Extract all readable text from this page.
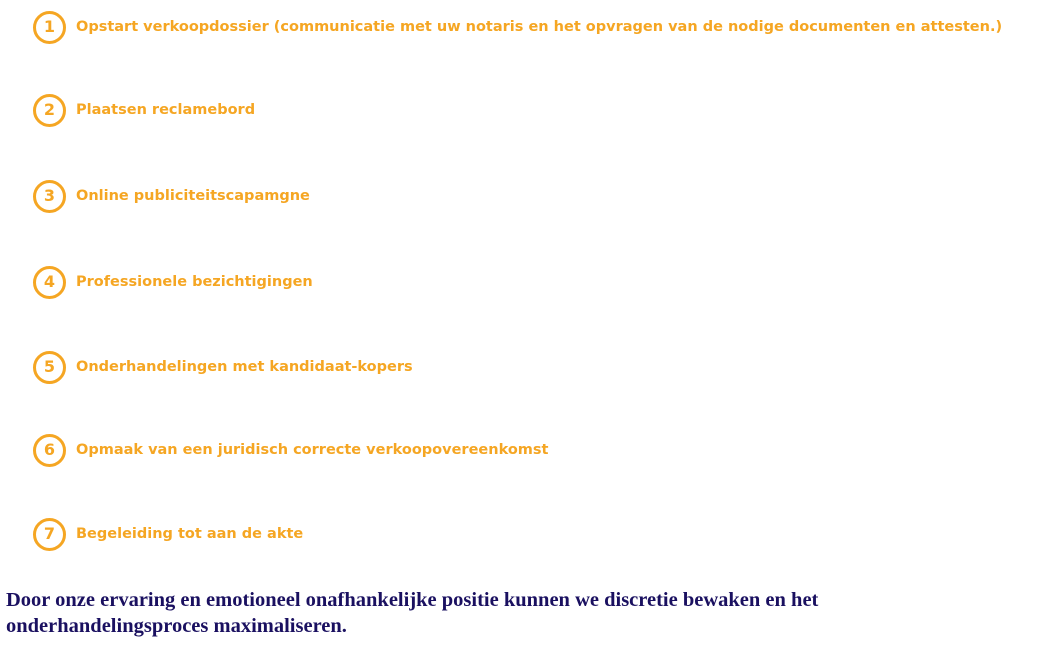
1	Opstart verkoopdossier (communicatie met uw notaris en het opvragen van de nodige documenten en attesten.)
2	Plaatsen reclamebord
3	Online publiciteitscapamgne
4	Professionele bezichtigingen
5	Onderhandelingen met kandidaat-kopers
6	Opmaak van een juridisch correcte verkoopovereenkomst
7	Begeleiding tot aan de akte

Door onze ervaring en emotioneel onafhankelijke positie kunnen we discretie bewaken en het onderhandelingsproces maximaliseren.
